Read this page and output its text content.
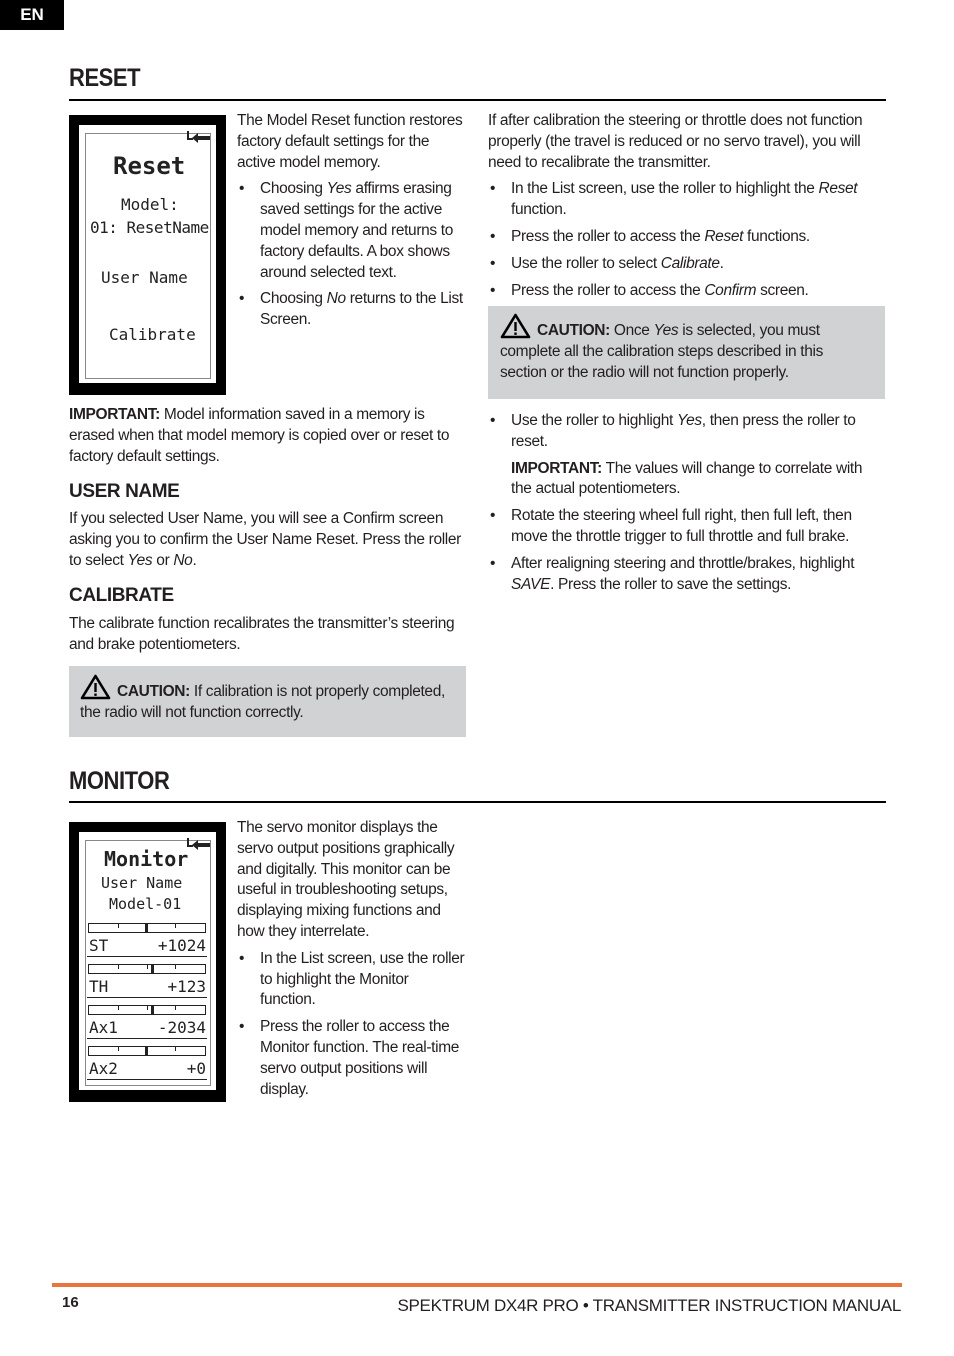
EN
RESET
Reset
Model:
01: ResetName
User Name
Calibrate

The Model Reset function restores factory default settings for the active model memory.

• Choosing Yes affirms erasing saved settings for the active model memory and returns to factory defaults. A box shows around selected text.
• Choosing No returns to the List Screen.
IMPORTANT: Model information saved in a memory is erased when that model memory is copied over or reset to factory default settings.
USER NAME
If you selected User Name, you will see a Confirm screen asking you to confirm the User Name Reset. Press the roller to select Yes or No.
CALIBRATE
The calibrate function recalibrates the transmitter’s steering and brake potentiometers.
CAUTION: If calibration is not properly completed, the radio will not function correctly.

If after calibration the steering or throttle does not function properly (the travel is reduced or no servo travel), you will need to recalibrate the transmitter.

• In the List screen, use the roller to highlight the Reset function.
• Press the roller to access the Reset functions.
• Use the roller to select Calibrate.
• Press the roller to access the Confirm screen.
CAUTION: Once Yes is selected, you must complete all the calibration steps described in this section or the radio will not function properly.
• Use the roller to highlight Yes, then press the roller to reset.
IMPORTANT: The values will change to correlate with the actual potentiometers.
• Rotate the steering wheel full right, then full left, then move the throttle trigger to full throttle and full brake.
• After realigning steering and throttle/brakes, highlight SAVE. Press the roller to save the settings.
MONITOR
Monitor
User Name
Model-01
ST	+1024
TH	+123
Ax1 -2034
Ax2	+0

The servo monitor displays the servo output positions graphically and digitally. This monitor can be useful in troubleshooting setups, displaying mixing functions and how they interrelate.

• In the List screen, use the roller to highlight the Monitor function.
• Press the roller to access the Monitor function. The real-time servo output positions will display.
16	SPEKTRUM DX4R PRO • TRANSMITTER INSTRUCTION MANUAL
